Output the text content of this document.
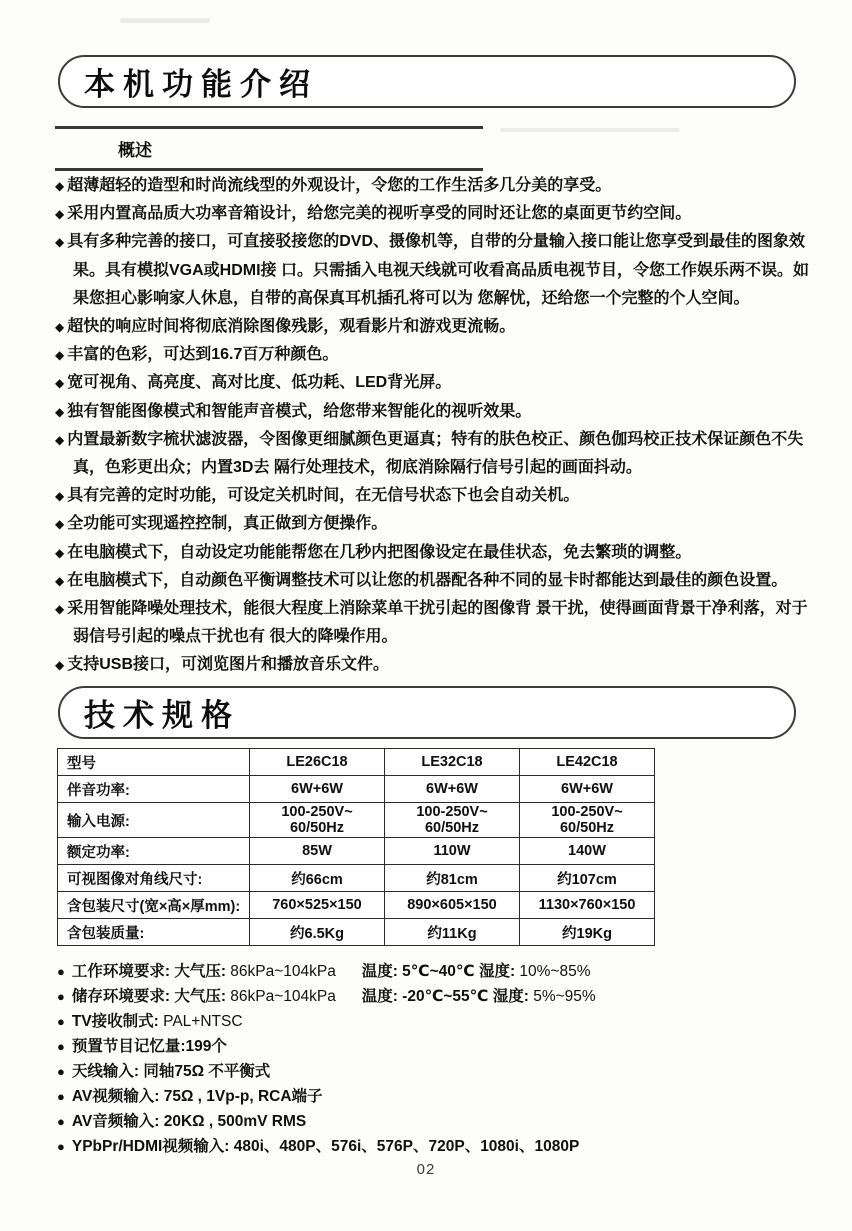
本机功能介绍
概述
◆ 超薄超轻的造型和时尚流线型的外观设计，令您的工作生活多几分美的享受。
◆ 采用内置高品质大功率音箱设计，给您完美的视听享受的同时还让您的桌面更节约空间。
◆ 具有多种完善的接口，可直接驳接您的DVD、摄像机等，自带的分量输入接口能让您享受到最佳的图象效果。具有模拟VGA或HDMI接 口。只需插入电视天线就可收看高品质电视节目，令您工作娱乐两不误。如果您担心影响家人休息，自带的高保真耳机插孔将可以为 您解忧，还给您一个完整的个人空间。
◆ 超快的响应时间将彻底消除图像残影，观看影片和游戏更流畅。
◆ 丰富的色彩，可达到16.7百万种颜色。
◆ 宽可视角、高亮度、高对比度、低功耗、LED背光屏。
◆ 独有智能图像模式和智能声音模式，给您带来智能化的视听效果。
◆ 内置最新数字梳状滤波器，令图像更细腻颜色更逼真；特有的肤色校正、颜色伽玛校正技术保证颜色不失真，色彩更出众；内置3D去 隔行处理技术，彻底消除隔行信号引起的画面抖动。
◆ 具有完善的定时功能，可设定关机时间，在无信号状态下也会自动关机。
◆ 全功能可实现遥控控制，真正做到方便操作。
◆ 在电脑模式下，自动设定功能能帮您在几秒内把图像设定在最佳状态，免去繁琐的调整。
◆ 在电脑模式下，自动颜色平衡调整技术可以让您的机器配各种不同的显卡时都能达到最佳的颜色设置。
◆ 采用智能降噪处理技术，能很大程度上消除菜单干扰引起的图像背 景干扰，使得画面背景干净利落，对于弱信号引起的噪点干扰也有 很大的降噪作用。
◆ 支持USB接口，可浏览图片和播放音乐文件。
技术规格
型号	LE26C18	LE32C18	LE42C18
伴音功率:	6W+6W	6W+6W	6W+6W
输入电源:	100-250V~ 60/50Hz	100-250V~ 60/50Hz	100-250V~ 60/50Hz
额定功率:	85W	110W	140W
可视图像对角线尺寸:	约66cm	约81cm	约107cm
含包装尺寸(宽×高×厚mm):	760×525×150	890×605×150	1130×760×150
含包装质量:	约6.5Kg	约11Kg	约19Kg
● 工作环境要求: 大气压: 86kPa~104kPa      温度: 5℃~40℃ 湿度: 10%~85%
● 储存环境要求: 大气压: 86kPa~104kPa      温度: -20℃~55℃ 湿度: 5%~95%
● TV接收制式: PAL+NTSC
● 预置节目记忆量:199个
● 天线输入: 同轴75Ω 不平衡式
● AV视频输入: 75Ω , 1Vp-p, RCA端子
● AV音频输入: 20KΩ , 500mV RMS
● YPbPr/HDMI视频输入: 480i、480P、576i、576P、720P、1080i、1080P
02
